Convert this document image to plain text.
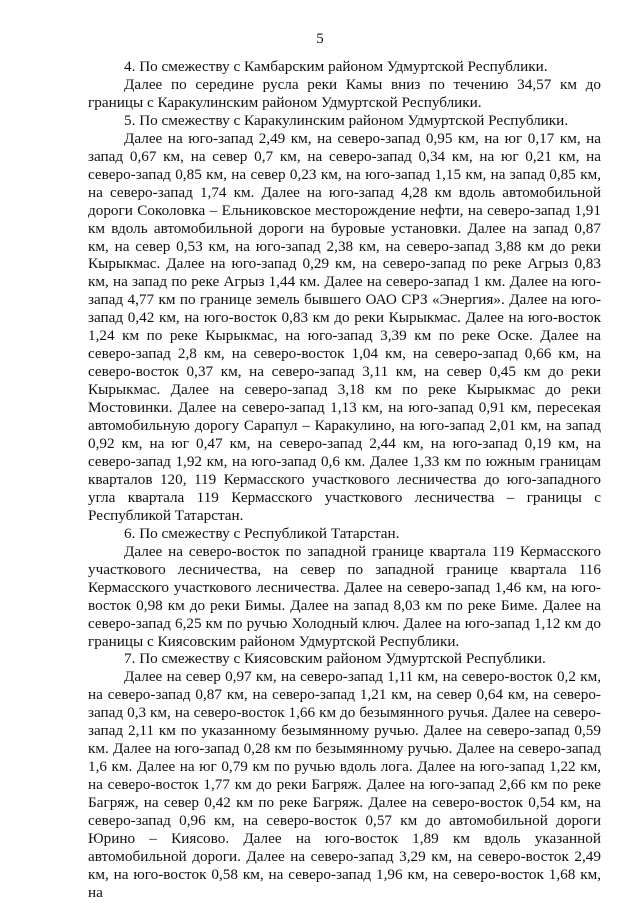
5

4. По смежеству с Камбарским районом Удмуртской Республики.

Далее по середине русла реки Камы вниз по течению 34,57 км до границы с Каракулинским районом Удмуртской Республики.

5. По смежеству с Каракулинским районом Удмуртской Республики.

Далее на юго-запад 2,49 км, на северо-запад 0,95 км, на юг 0,17 км, на запад 0,67 км, на север 0,7 км, на северо-запад 0,34 км, на юг 0,21 км, на северо-запад 0,85 км, на север 0,23 км, на юго-запад 1,15 км, на запад 0,85 км, на северо-запад 1,74 км. Далее на юго-запад 4,28 км вдоль автомобильной дороги Соколовка – Ельниковское месторождение нефти, на северо-запад 1,91 км вдоль автомобильной дороги на буровые установки. Далее на запад 0,87 км, на север 0,53 км, на юго-запад 2,38 км, на северо-запад 3,88 км до реки Кырыкмас. Далее на юго-запад 0,29 км, на северо-запад по реке Агрыз 0,83 км, на запад по реке Агрыз 1,44 км. Далее на северо-запад 1 км. Далее на юго-запад 4,77 км по границе земель бывшего ОАО СРЗ «Энергия». Далее на юго-запад 0,42 км, на юго-восток 0,83 км до реки Кырыкмас. Далее на юго-восток 1,24 км по реке Кырыкмас, на юго-запад 3,39 км по реке Оске. Далее на северо-запад 2,8 км, на северо-восток 1,04 км, на северо-запад 0,66 км, на северо-восток 0,37 км, на северо-запад 3,11 км, на север 0,45 км до реки Кырыкмас. Далее на северо-запад 3,18 км по реке Кырыкмас до реки Мостовинки. Далее на северо-запад 1,13 км, на юго-запад 0,91 км, пересекая автомобильную дорогу Сарапул – Каракулино, на юго-запад 2,01 км, на запад 0,92 км, на юг 0,47 км, на северо-запад 2,44 км, на юго-запад 0,19 км, на северо-запад 1,92 км, на юго-запад 0,6 км. Далее 1,33 км по южным границам кварталов 120, 119 Кермасского участкового лесничества до юго-западного угла квартала 119 Кермасского участкового лесничества – границы с Республикой Татарстан.

6. По смежеству с Республикой Татарстан.

Далее на северо-восток по западной границе квартала 119 Кермасского участкового лесничества, на север по западной границе квартала 116 Кермасского участкового лесничества. Далее на северо-запад 1,46 км, на юго-восток 0,98 км до реки Бимы. Далее на запад 8,03 км по реке Биме. Далее на северо-запад 6,25 км по ручью Холодный ключ. Далее на юго-запад 1,12 км до границы с Киясовским районом Удмуртской Республики.

7. По смежеству с Киясовским районом Удмуртской Республики.

Далее на север 0,97 км, на северо-запад 1,11 км, на северо-восток 0,2 км, на северо-запад 0,87 км, на северо-запад 1,21 км, на север 0,64 км, на северо-запад 0,3 км, на северо-восток 1,66 км до безымянного ручья. Далее на северо-запад 2,11 км по указанному безымянному ручью. Далее на северо-запад 0,59 км. Далее на юго-запад 0,28 км по безымянному ручью. Далее на северо-запад 1,6 км. Далее на юг 0,79 км по ручью вдоль лога. Далее на юго-запад 1,22 км, на северо-восток 1,77 км до реки Багряж. Далее на юго-запад 2,66 км по реке Багряж, на север 0,42 км по реке Багряж. Далее на северо-восток 0,54 км, на северо-запад 0,96 км, на северо-восток 0,57 км до автомобильной дороги Юрино – Киясово. Далее на юго-восток 1,89 км вдоль указанной автомобильной дороги. Далее на северо-запад 3,29 км, на северо-восток 2,49 км, на юго-восток 0,58 км, на северо-запад 1,96 км, на северо-восток 1,68 км, на
